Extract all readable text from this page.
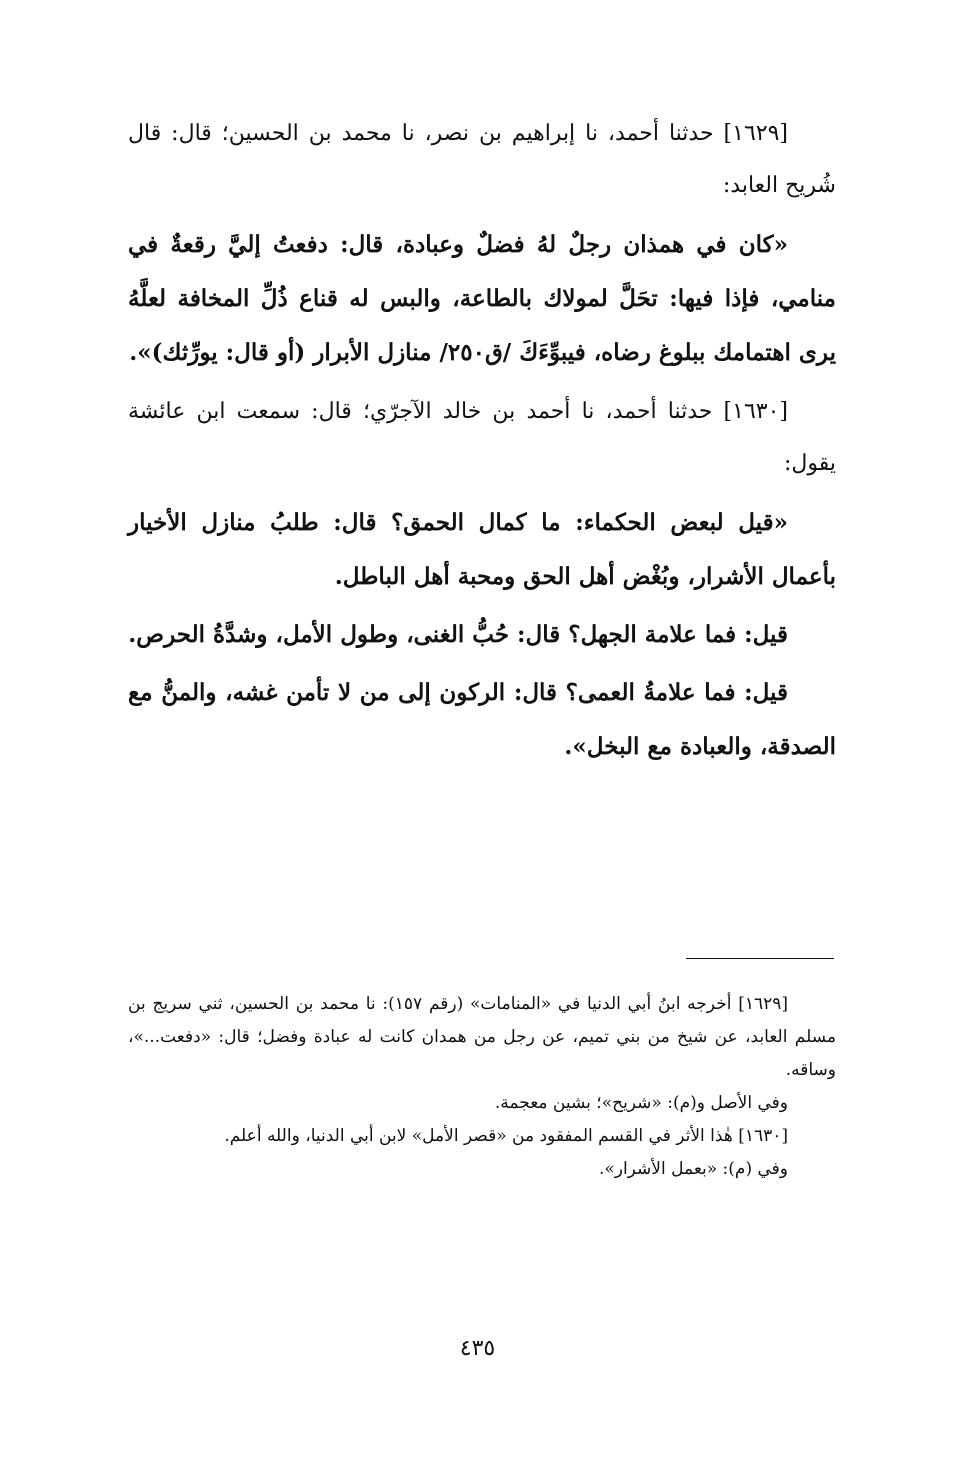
[١٦٢٩] حدثنا أحمد، نا إبراهيم بن نصر، نا محمد بن الحسين؛ قال: قال شُريح العابد:

«كان في همذان رجلٌ لهُ فضلٌ وعبادة، قال: دفعتُ إليَّ رقعةٌ في منامي، فإذا فيها: تحَلَّ لمولاك بالطاعة، والبس له قناع ذُلِّ المخافة لعلَّهُ يرى اهتمامك ببلوغ رضاه، فيبوِّءَكَ /ق٢٥٠/ منازل الأبرار (أو قال: يورِّثك)».

[١٦٣٠] حدثنا أحمد، نا أحمد بن خالد الآجرّي؛ قال: سمعت ابن عائشة يقول:

«قيل لبعض الحكماء: ما كمال الحمق؟ قال: طلبُ منازل الأخيار بأعمال الأشرار، وبُغْض أهل الحق ومحبة أهل الباطل.

قيل: فما علامة الجهل؟ قال: حُبُّ الغنى، وطول الأمل، وشدَّةُ الحرص.

قيل: فما علامةُ العمى؟ قال: الركون إلى من لا تأمن غشه، والمنُّ مع الصدقة، والعبادة مع البخل».

[١٦٢٩] أخرجه ابنُ أبي الدنيا في «المنامات» (رقم ١٥٧): نا محمد بن الحسين، ثني سريج بن مسلم العابد، عن شيخ من بني تميم، عن رجل من همدان كانت له عبادة وفضل؛ قال: «دفعت...»، وساقه.

وفي الأصل و(م): «شريح»؛ بشين معجمة.

[١٦٣٠] هٰذا الأثر في القسم المفقود من «قصر الأمل» لابن أبي الدنيا، والله أعلم.

وفي (م): «بعمل الأشرار».

٤٣٥
